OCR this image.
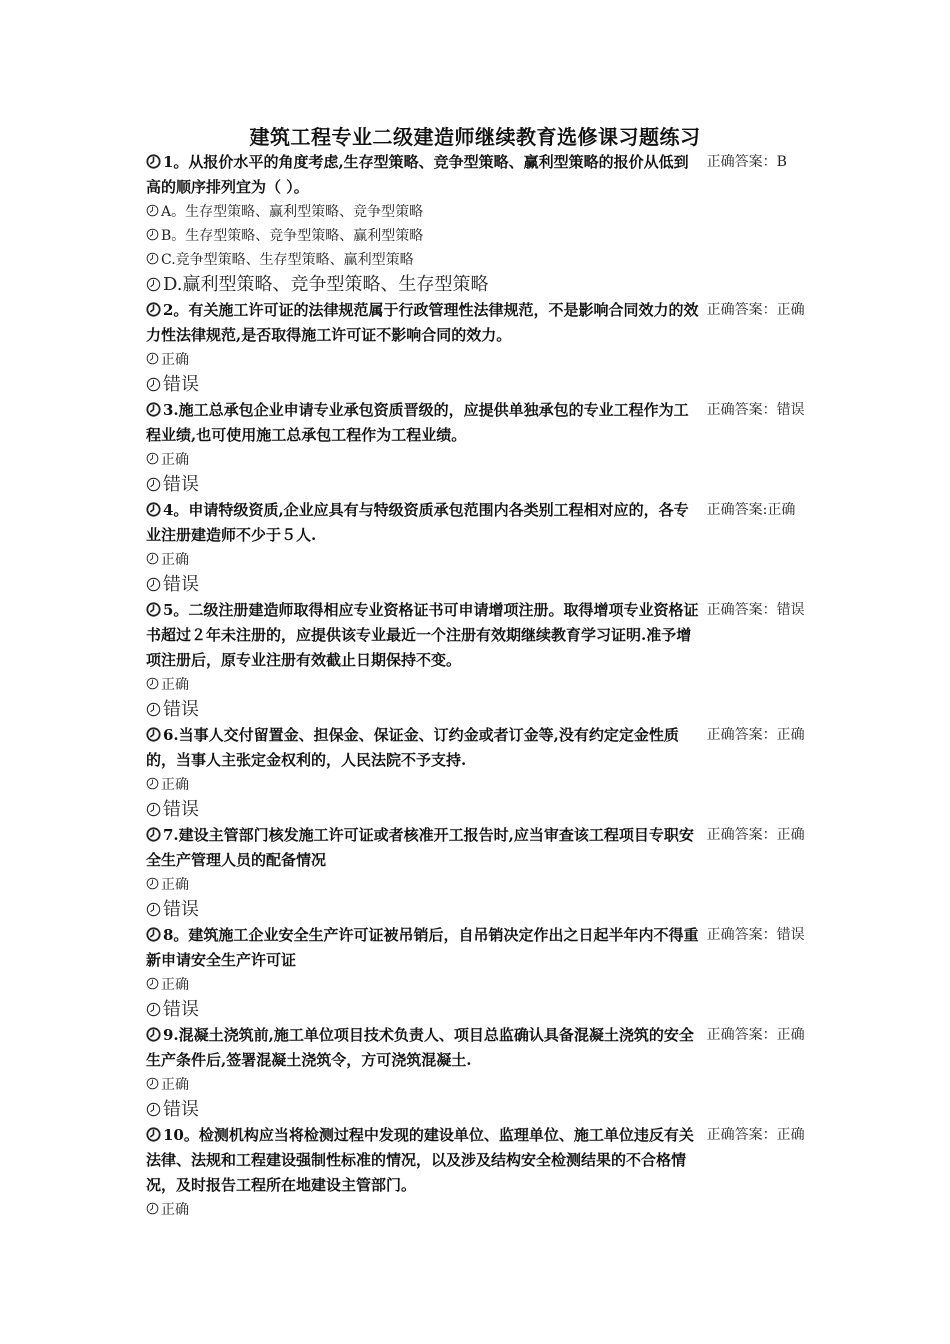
建筑工程专业二级建造师继续教育选修课习题练习
1。从报价水平的角度考虑,生存型策略、竞争型策略、赢利型策略的报价从低到高的顺序排列宜为（ ）。
正确答案：B
A。生存型策略、赢利型策略、竞争型策略
B。生存型策略、竞争型策略、赢利型策略
C.竞争型策略、生存型策略、赢利型策略
D.赢利型策略、竞争型策略、生存型策略
2。有关施工许可证的法律规范属于行政管理性法律规范，不是影响合同效力的效力性法律规范,是否取得施工许可证不影响合同的效力。
正确答案：正确
正确
错误
3.施工总承包企业申请专业承包资质晋级的，应提供单独承包的专业工程作为工程业绩,也可使用施工总承包工程作为工程业绩。
正确答案：错误
正确
错误
4。申请特级资质,企业应具有与特级资质承包范围内各类别工程相对应的，各专业注册建造师不少于５人.
正确答案:正确
正确
错误
5。二级注册建造师取得相应专业资格证书可申请增项注册。取得增项专业资格证书超过２年未注册的，应提供该专业最近一个注册有效期继续教育学习证明.准予增项注册后，原专业注册有效截止日期保持不变。
正确答案：错误
正确
错误
6.当事人交付留置金、担保金、保证金、订约金或者订金等,没有约定定金性质的，当事人主张定金权利的，人民法院不予支持.
正确答案：正确
正确
错误
7.建设主管部门核发施工许可证或者核准开工报告时,应当审查该工程项目专职安全生产管理人员的配备情况
正确答案：正确
正确
错误
8。建筑施工企业安全生产许可证被吊销后，自吊销决定作出之日起半年内不得重新申请安全生产许可证
正确答案：错误
正确
错误
9.混凝土浇筑前,施工单位项目技术负责人、项目总监确认具备混凝土浇筑的安全生产条件后,签署混凝土浇筑令，方可浇筑混凝土.
正确答案：正确
正确
错误
10。检测机构应当将检测过程中发现的建设单位、监理单位、施工单位违反有关法律、法规和工程建设强制性标准的情况，以及涉及结构安全检测结果的不合格情况，及时报告工程所在地建设主管部门。
正确答案：正确
正确
